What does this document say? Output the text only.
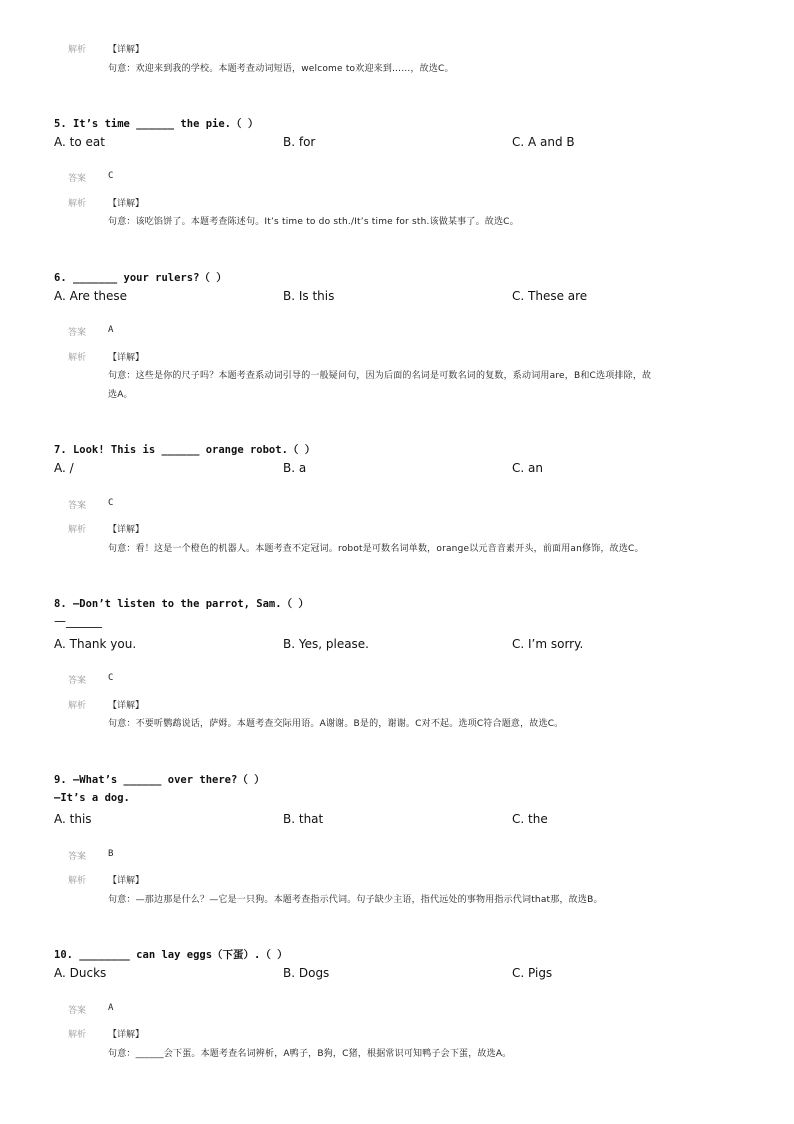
解析 【详解】
句意：欢迎来到我的学校。本题考查动词短语，welcome to欢迎来到……，故选C。
5. It’s time ______ the pie.（ ）
A. to eat	B. for	C. A and B
答案 C
解析 【详解】
句意：该吃馅饼了。本题考查陈述句。It’s time to do sth./It’s time for sth.该做某事了。故选C。
6. _______ your rulers?（ ）
A. Are these	B. Is this	C. These are
答案 A
解析 【详解】
句意：这些是你的尺子吗？本题考查系动词引导的一般疑问句，因为后面的名词是可数名词的复数，系动词用are，B和C选项排除，故
选A。
7. Look! This is ______ orange robot.（ ）
A. /	B. a	C. an
答案 C
解析 【详解】
句意：看！这是一个橙色的机器人。本题考查不定冠词。robot是可数名词单数，orange以元音音素开头，前面用an修饰，故选C。
8. —Don’t listen to the parrot, Sam.（ ）
—______
A. Thank you.	B. Yes, please.	C. I’m sorry.
答案 C
解析 【详解】
句意：不要听鹦鹉说话，萨姆。本题考查交际用语。A谢谢。B是的，谢谢。C对不起。选项C符合题意，故选C。
9. —What’s ______ over there?（ ）
—It’s a dog.
A. this	B. that	C. the
答案 B
解析 【详解】
句意：—那边那是什么？—它是一只狗。本题考查指示代词。句子缺少主语，指代远处的事物用指示代词that那，故选B。
10. ________ can lay eggs（下蛋）.（ ）
A. Ducks	B. Dogs	C. Pigs
答案 A
解析 【详解】
句意：______会下蛋。本题考查名词辨析，A鸭子，B狗，C猪，根据常识可知鸭子会下蛋，故选A。
